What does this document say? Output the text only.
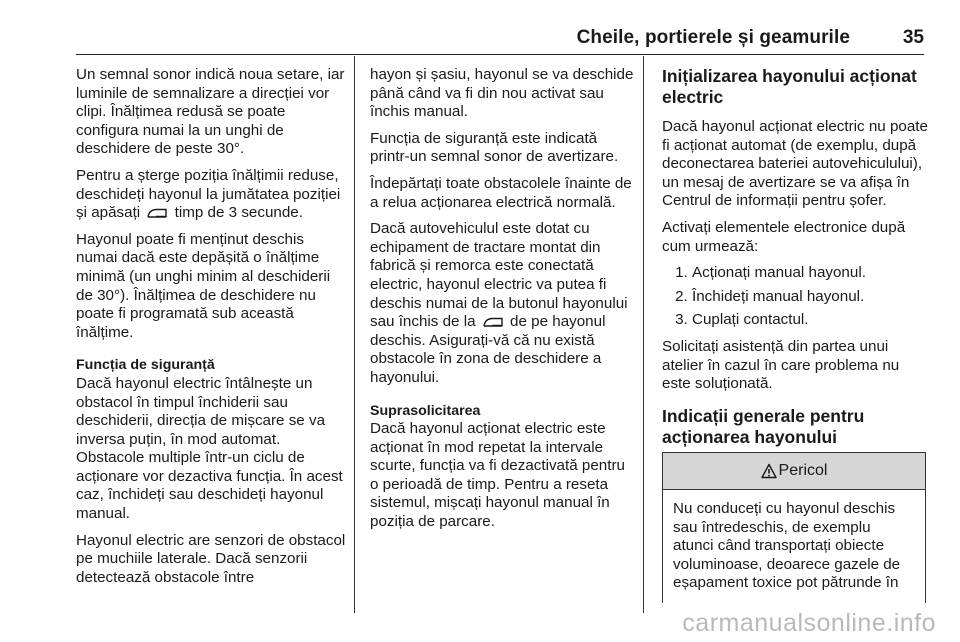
Cheile, portierele și geamurile	35

Un semnal sonor indică noua setare, iar luminile de semnalizare a direcției vor clipi. Înălțimea redusă se poate configura numai la un unghi de deschidere de peste 30°.

Pentru a șterge poziția înălțimii reduse, deschideți hayonul la jumătatea poziției și apăsați timp de 3 secunde.

Hayonul poate fi menținut deschis numai dacă este depășită o înălțime minimă (un unghi minim al deschiderii de 30°). Înălțimea de deschidere nu poate fi programată sub această înălțime.

Funcția de siguranță
Dacă hayonul electric întâlnește un obstacol în timpul închiderii sau deschiderii, direcția de mișcare se va inversa puțin, în mod automat. Obstacole multiple într-un ciclu de acționare vor dezactiva funcția. În acest caz, închideți sau deschideți hayonul manual.

Hayonul electric are senzori de obstacol pe muchiile laterale. Dacă senzorii detectează obstacole între

hayon și șasiu, hayonul se va deschide până când va fi din nou activat sau închis manual.

Funcția de siguranță este indicată printr-un semnal sonor de avertizare.

Îndepărtați toate obstacolele înainte de a relua acționarea electrică normală.

Dacă autovehiculul este dotat cu echipament de tractare montat din fabrică și remorca este conectată electric, hayonul electric va putea fi deschis numai de la butonul hayonului sau închis de la de pe hayonul deschis. Asigurați-vă că nu există obstacole în zona de deschidere a hayonului.

Suprasolicitarea
Dacă hayonul acționat electric este acționat în mod repetat la intervale scurte, funcția va fi dezactivată pentru o perioadă de timp. Pentru a reseta sistemul, mișcați hayonul manual în poziția de parcare.

Inițializarea hayonului acționat electric

Dacă hayonul acționat electric nu poate fi acționat automat (de exemplu, după deconectarea bateriei autovehiculului), un mesaj de avertizare se va afișa în Centrul de informații pentru șofer.

Activați elementele electronice după cum urmează:

1. Acționați manual hayonul.
2. Închideți manual hayonul.
3. Cuplați contactul.

Solicitați asistență din partea unui atelier în cazul în care problema nu este soluționată.

Indicații generale pentru acționarea hayonului
Pericol
Nu conduceți cu hayonul deschis sau întredeschis, de exemplu atunci când transportați obiecte voluminoase, deoarece gazele de eșapament toxice pot pătrunde în
carmanualsonline.info
